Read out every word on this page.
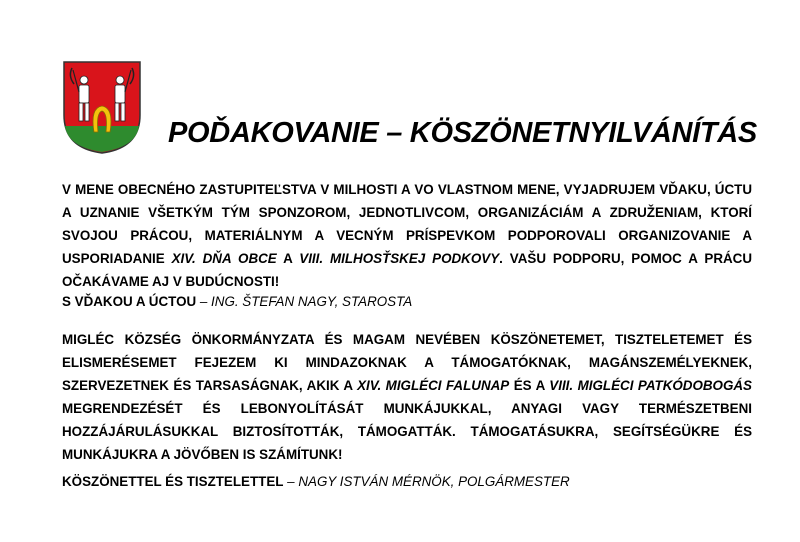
POĎAKOVANIE – KÖSZÖNETNYILVÁNÍTÁS

V MENE OBECNÉHO ZASTUPITEĽSTVA V MILHOSTI A VO VLASTNOM MENE, VYJADRUJEM VĎAKU, ÚCTU A UZNANIE VŠETKÝM TÝM SPONZOROM, JEDNOTLIVCOM, ORGANIZÁCIÁM A ZDRUŽENIAM, KTORÍ SVOJOU PRÁCOU, MATERIÁLNYM A VECNÝM PRÍSPEVKOM PODPOROVALI ORGANIZOVANIE A USPORIADANIE XIV. DŇA OBCE A VIII. MILHOSŤSKEJ PODKOVY. VAŠU PODPORU, POMOC A PRÁCU OČAKÁVAME AJ V BUDÚCNOSTI!

S VĎAKOU A ÚCTOU – ING. ŠTEFAN NAGY, STAROSTA

MIGLÉC KÖZSÉG ÖNKORMÁNYZATA ÉS MAGAM NEVÉBEN KÖSZÖNETEMET, TISZTELETEMET ÉS ELISMERÉSEMET FEJEZEM KI MINDAZOKNAK A TÁMOGATÓKNAK, MAGÁNSZEMÉLYEKNEK, SZERVEZETNEK ÉS TARSASÁGNAK, AKIK A XIV. MIGLÉCI FALUNAP ÉS A VIII. MIGLÉCI PATKÓDOBOGÁS MEGRENDEZÉSÉT ÉS LEBONYOLÍTÁSÁT MUNKÁJUKKAL, ANYAGI VAGY TERMÉSZETBENI HOZZÁJÁRULÁSUKKAL BIZTOSÍTOTTÁK, TÁMOGATTÁK. TÁMOGATÁSUKRA, SEGÍTSÉGÜKRE ÉS MUNKÁJUKRA A JÖVŐBEN IS SZÁMÍTUNK!

KÖSZÖNETTEL ÉS TISZTELETTEL – NAGY ISTVÁN MÉRNÖK, POLGÁRMESTER
